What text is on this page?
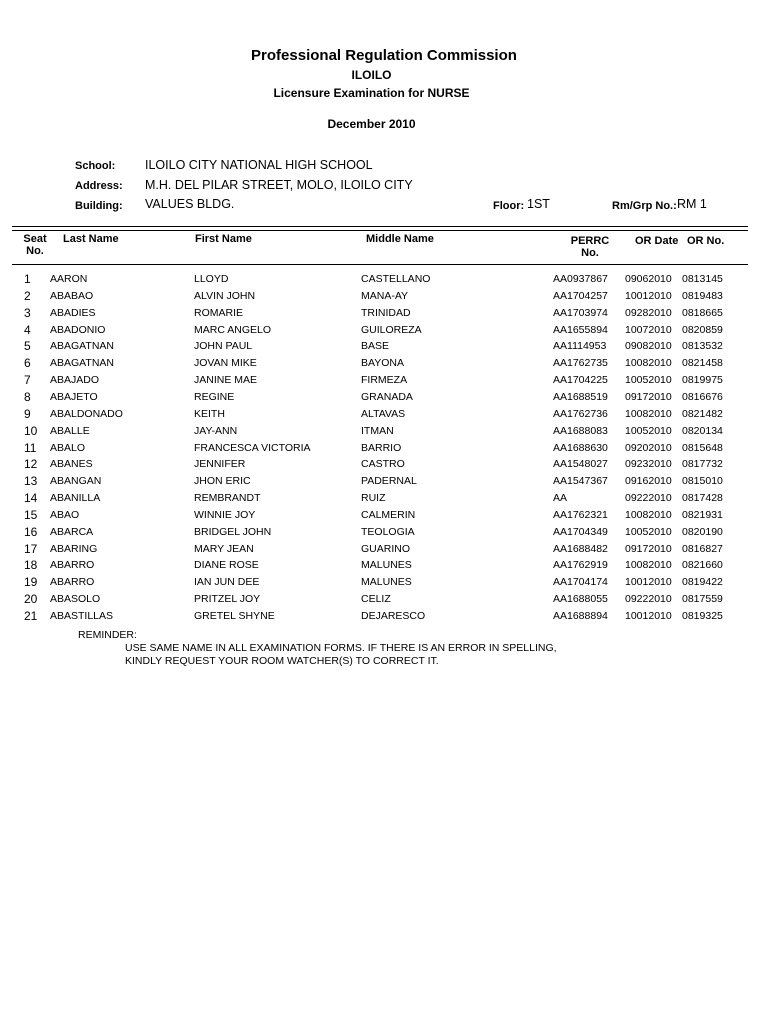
Professional Regulation Commission
ILOILO
Licensure Examination for NURSE
December 2010
School: ILOILO CITY NATIONAL HIGH SCHOOL
Address: M.H. DEL PILAR STREET, MOLO, ILOILO CITY
Building: VALUES BLDG.	Floor: 1ST	Rm/Grp No.: RM 1
Seat
No.
Last Name	First Name	Middle Name	PERRC
No.
OR Date OR No.
1 AARON	LLOYD	CASTELLANO	AA0937867 09062010 0813145
2 ABABAO	ALVIN JOHN	MANA-AY	AA1704257 10012010 0819483
3 ABADIES	ROMARIE	TRINIDAD	AA1703974 09282010 0818665
4 ABADONIO	MARC ANGELO	GUILOREZA	AA1655894 10072010 0820859
5 ABAGATNAN	JOHN PAUL	BASE	AA1114953 09082010 0813532
6 ABAGATNAN	JOVAN MIKE	BAYONA	AA1762735 10082010 0821458
7 ABAJADO	JANINE MAE	FIRMEZA	AA1704225 10052010 0819975
8 ABAJETO	REGINE	GRANADA	AA1688519 09172010 0816676
9 ABALDONADO	KEITH	ALTAVAS	AA1762736 10082010 0821482
10 ABALLE	JAY-ANN	ITMAN	AA1688083 10052010 0820134
11 ABALO	FRANCESCA VICTORIA	BARRIO	AA1688630 09202010 0815648
12 ABANES	JENNIFER	CASTRO	AA1548027 09232010 0817732
13 ABANGAN	JHON ERIC	PADERNAL	AA1547367 09162010 0815010
14 ABANILLA	REMBRANDT	RUIZ	AA	09222010 0817428
15 ABAO	WINNIE JOY	CALMERIN	AA1762321 10082010 0821931
16 ABARCA	BRIDGEL JOHN	TEOLOGIA	AA1704349 10052010 0820190
17 ABARING	MARY JEAN	GUARINO	AA1688482 09172010 0816827
18 ABARRO	DIANE ROSE	MALUNES	AA1762919 10082010 0821660
19 ABARRO	IAN JUN DEE	MALUNES	AA1704174 10012010 0819422
20 ABASOLO	PRITZEL JOY	CELIZ	AA1688055 09222010 0817559
21 ABASTILLAS	GRETEL SHYNE	DEJARESCO	AA1688894 10012010 0819325
REMINDER:
USE SAME NAME IN ALL EXAMINATION FORMS. IF THERE IS AN ERROR IN SPELLING,
KINDLY REQUEST YOUR ROOM WATCHER(S) TO CORRECT IT.
